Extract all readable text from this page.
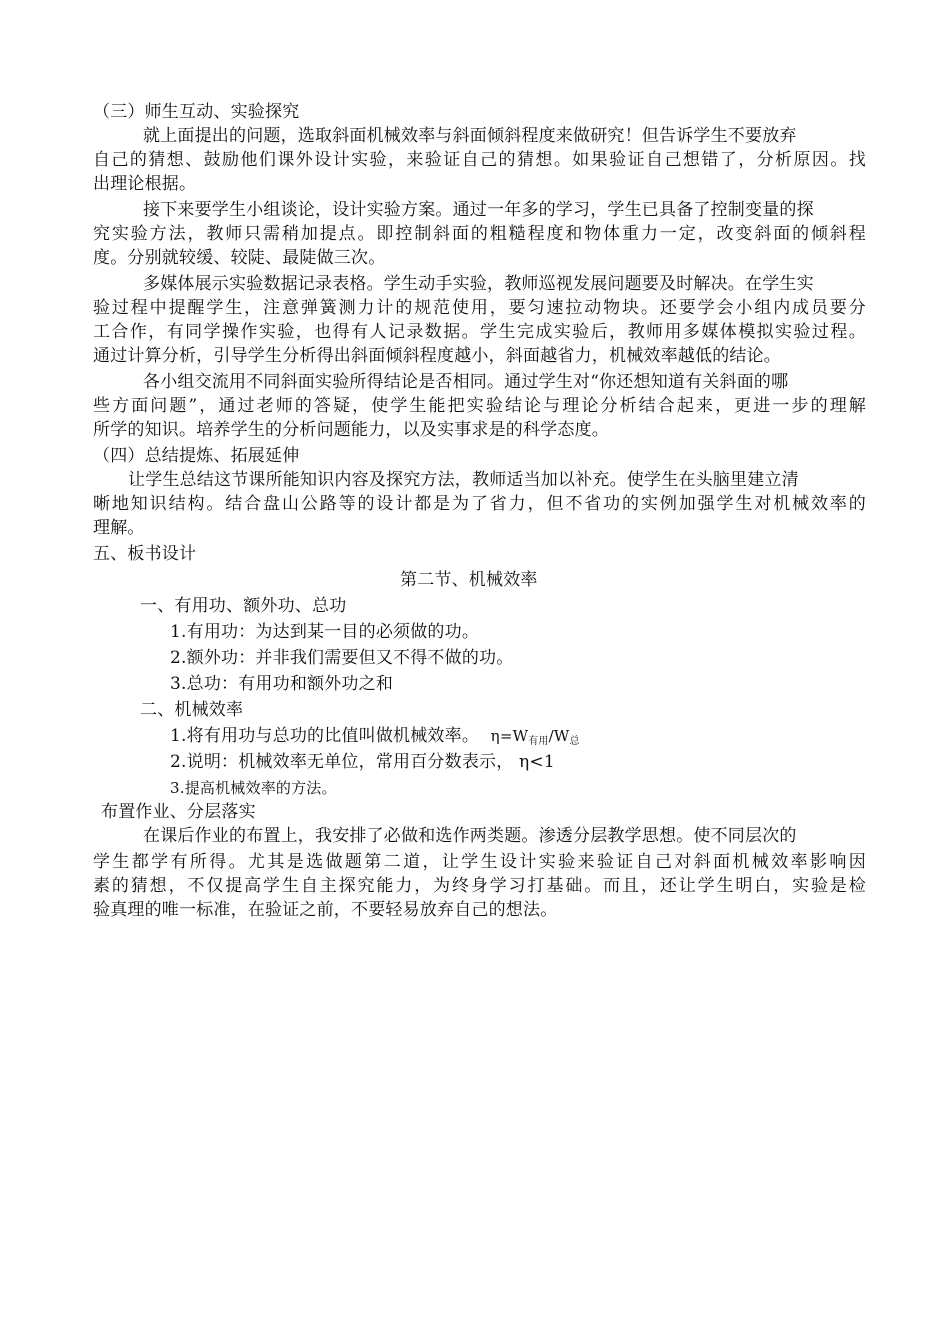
（三）师生互动、实验探究
就上面提出的问题，选取斜面机械效率与斜面倾斜程度来做研究！但告诉学生不要放弃
自己的猜想、鼓励他们课外设计实验，来验证自己的猜想。如果验证自己想错了，分析原因。找
出理论根据。
接下来要学生小组谈论，设计实验方案。通过一年多的学习，学生已具备了控制变量的探
究实验方法，教师只需稍加提点。即控制斜面的粗糙程度和物体重力一定，改变斜面的倾斜程
度。分别就较缓、较陡、最陡做三次。
多媒体展示实验数据记录表格。学生动手实验，教师巡视发展问题要及时解决。在学生实
验过程中提醒学生，注意弹簧测力计的规范使用，要匀速拉动物块。还要学会小组内成员要分
工合作，有同学操作实验，也得有人记录数据。学生完成实验后，教师用多媒体模拟实验过程。
通过计算分析，引导学生分析得出斜面倾斜程度越小，斜面越省力，机械效率越低的结论。
各小组交流用不同斜面实验所得结论是否相同。通过学生对“你还想知道有关斜面的哪
些方面问题”，通过老师的答疑，使学生能把实验结论与理论分析结合起来，更进一步的理解
所学的知识。培养学生的分析问题能力，以及实事求是的科学态度。
（四）总结提炼、拓展延伸
让学生总结这节课所能知识内容及探究方法，教师适当加以补充。使学生在头脑里建立清
晰地知识结构。结合盘山公路等的设计都是为了省力，但不省功的实例加强学生对机械效率的
理解。
五、板书设计
第二节、机械效率
一、有用功、额外功、总功
1.有用功：为达到某一目的必须做的功。
2.额外功：并非我们需要但又不得不做的功。
3.总功：有用功和额外功之和
二、机械效率
1.将有用功与总功的比值叫做机械效率。 η=W有用/W总
2.说明：机械效率无单位，常用百分数表示， η<1
3.提高机械效率的方法。
布置作业、分层落实
在课后作业的布置上，我安排了必做和选作两类题。渗透分层教学思想。使不同层次的
学生都学有所得。尤其是选做题第二道，让学生设计实验来验证自己对斜面机械效率影响因
素的猜想，不仅提高学生自主探究能力，为终身学习打基础。而且，还让学生明白，实验是检
验真理的唯一标准，在验证之前，不要轻易放弃自己的想法。
